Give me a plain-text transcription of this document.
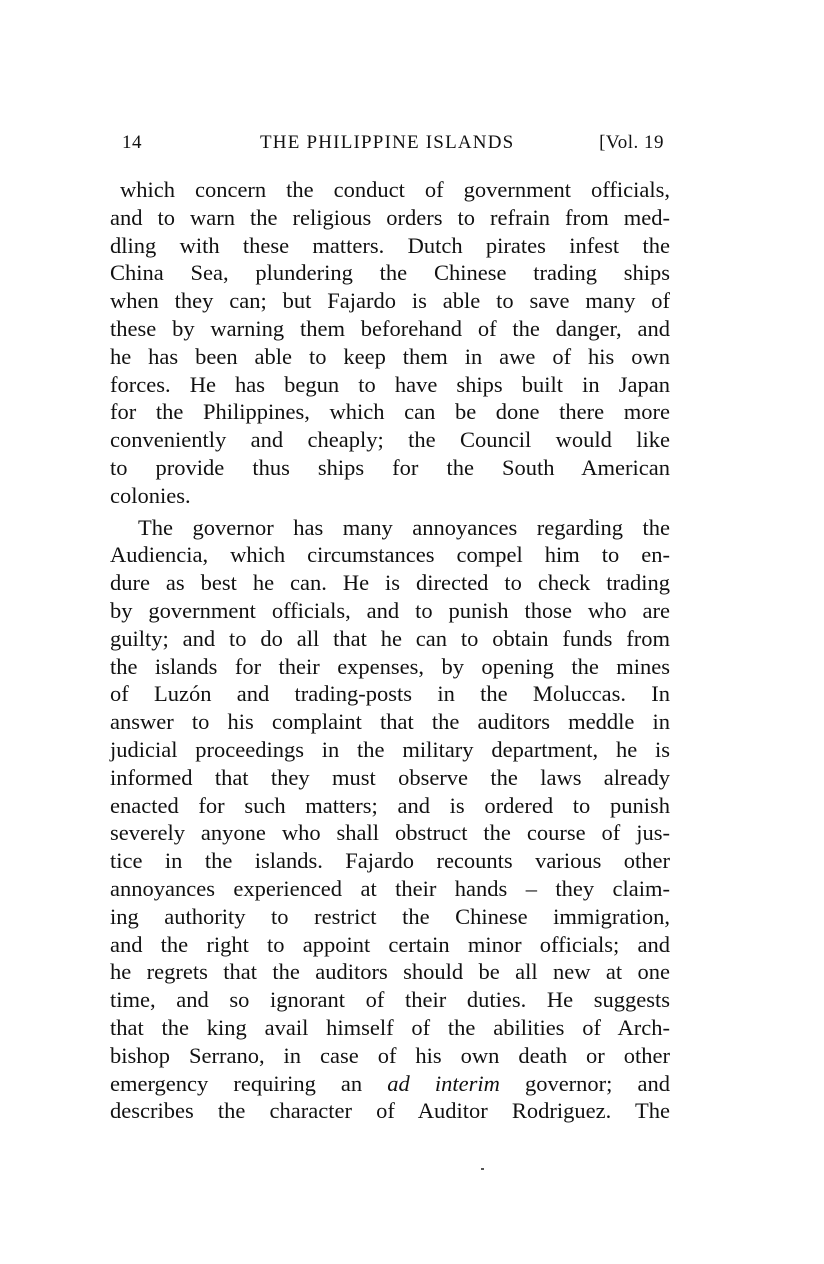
14	THE PHILIPPINE ISLANDS	[Vol. 19
which concern the conduct of government officials,
and to warn the religious orders to refrain from med-
dling with these matters. Dutch pirates infest the
China Sea, plundering the Chinese trading ships
when they can; but Fajardo is able to save many of
these by warning them beforehand of the danger, and
he has been able to keep them in awe of his own
forces. He has begun to have ships built in Japan
for the Philippines, which can be done there more
conveniently and cheaply; the Council would like
to provide thus ships for the South American
colonies.
The governor has many annoyances regarding the
Audiencia, which circumstances compel him to en-
dure as best he can. He is directed to check trading
by government officials, and to punish those who are
guilty; and to do all that he can to obtain funds from
the islands for their expenses, by opening the mines
of Luzón and trading-posts in the Moluccas. In
answer to his complaint that the auditors meddle in
judicial proceedings in the military department, he is
informed that they must observe the laws already
enacted for such matters; and is ordered to punish
severely anyone who shall obstruct the course of jus-
tice in the islands. Fajardo recounts various other
annoyances experienced at their hands – they claim-
ing authority to restrict the Chinese immigration,
and the right to appoint certain minor officials; and
he regrets that the auditors should be all new at one
time, and so ignorant of their duties. He suggests
that the king avail himself of the abilities of Arch-
bishop Serrano, in case of his own death or other
emergency requiring an ad interim governor; and
describes the character of Auditor Rodriguez. The
